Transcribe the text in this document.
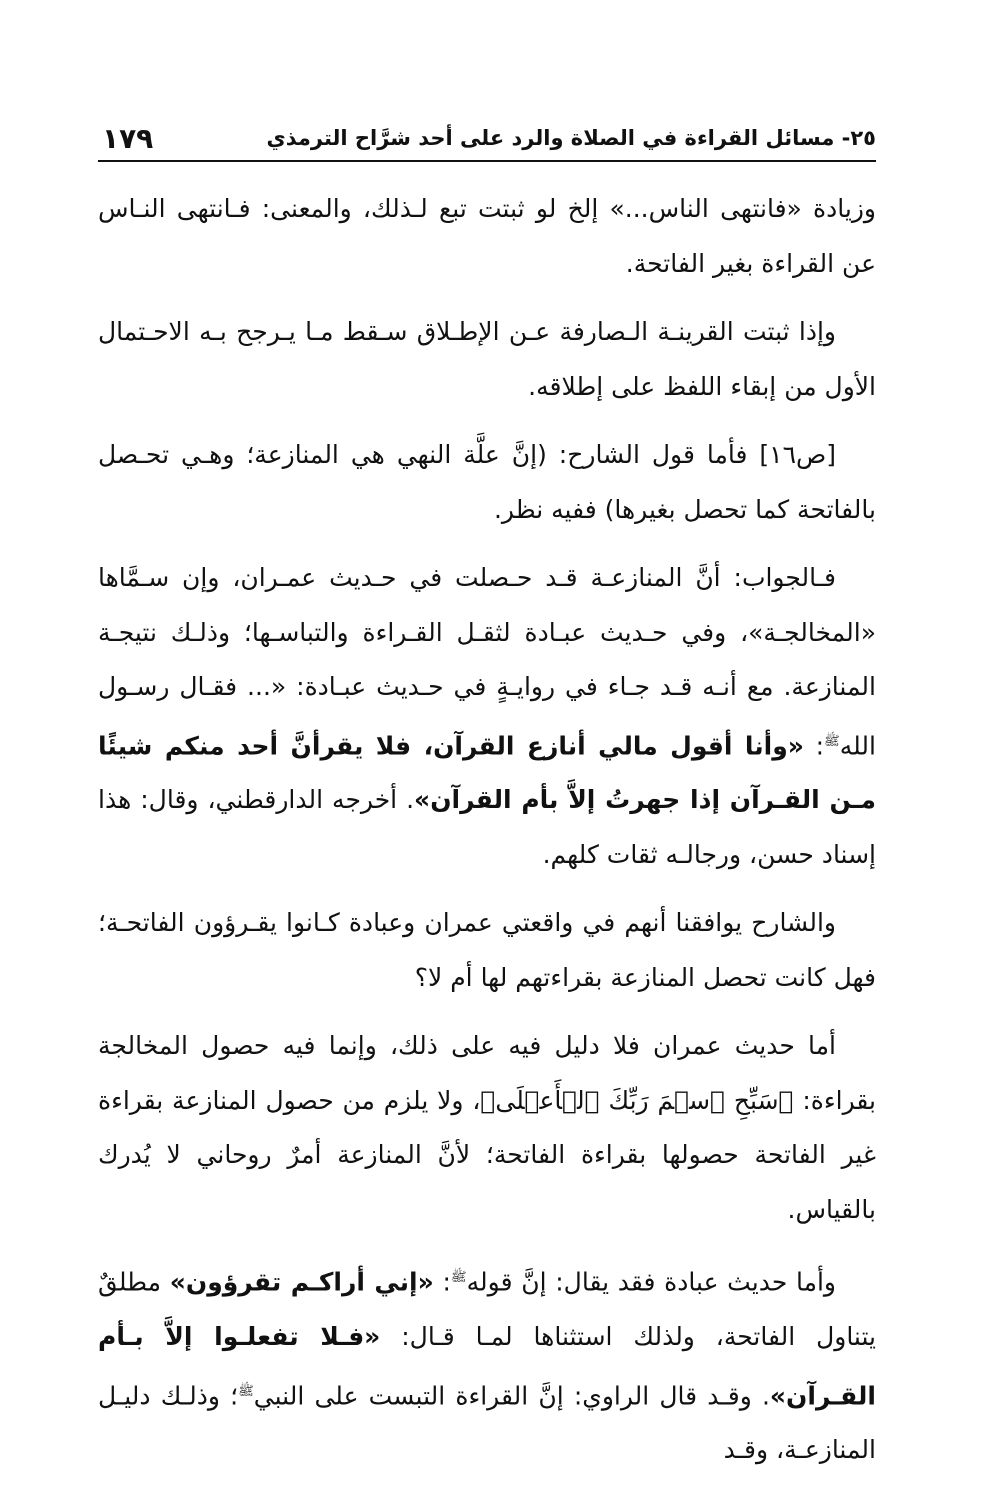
٢٥- مسائل القراءة في الصلاة والرد على أحد شرَّاح الترمذي
١٧٩

وزيادة «فانتهى الناس...» إلخ لو ثبتت تبع لـذلك، والمعنى: فـانتهى النـاس عن القراءة بغير الفاتحة.

وإذا ثبتت القرينـة الـصارفة عـن الإطـلاق سـقط مـا يـرجح بـه الاحـتمال الأول من إبقاء اللفظ على إطلاقه.

[ص١٦] فأما قول الشارح: (إنَّ علَّة النهي هي المنازعة؛ وهـي تحـصل بالفاتحة كما تحصل بغيرها) ففيه نظر.

فـالجواب: أنَّ المنازعـة قـد حـصلت في حـديث عمـران، وإن سـمَّاها «المخالجـة»، وفي حـديث عبـادة لثقـل القـراءة والتباسـها؛ وذلـك نتيجـة المنازعة. مع أنـه قـد جـاء في روايـةٍ في حـديث عبـادة: «... فقـال رسـول الله$^ﷺ$: «وأنا أقول مالي أنازع القرآن، فلا يقرأنَّ أحد منكم شيئًا مـن القـرآن إذا جهرتُ إلاَّ بأم القرآن». أخرجه الدارقطني، وقال: هذا إسناد حسن، ورجالـه ثقات كلهم.

والشارح يوافقنا أنهم في واقعتي عمران وعبادة كـانوا يقـرؤون الفاتحـة؛ فهل كانت تحصل المنازعة بقراءتهم لها أم لا؟

أما حديث عمران فلا دليل فيه على ذلك، وإنما فيه حصول المخالجة بقراءة: ﴿سَبِّحِ ٱسۡمَ رَبِّكَ ٱلۡأَعۡلَى﴾، ولا يلزم من حصول المنازعة بقراءة غير الفاتحة حصولها بقراءة الفاتحة؛ لأنَّ المنازعة أمرٌ روحاني لا يُدرك بالقياس.

وأما حديث عبادة فقد يقال: إنَّ قوله$^ﷺ$: «إني أراكـم تقرؤون» مطلقٌ يتناول الفاتحة، ولذلك استثناها لمـا قـال: «فـلا تفعلـوا إلاَّ بـأم القـرآن». وقـد قال الراوي: إنَّ القراءة التبست على النبي$^ﷺ$؛ وذلـك دليـل المنازعـة، وقـد
